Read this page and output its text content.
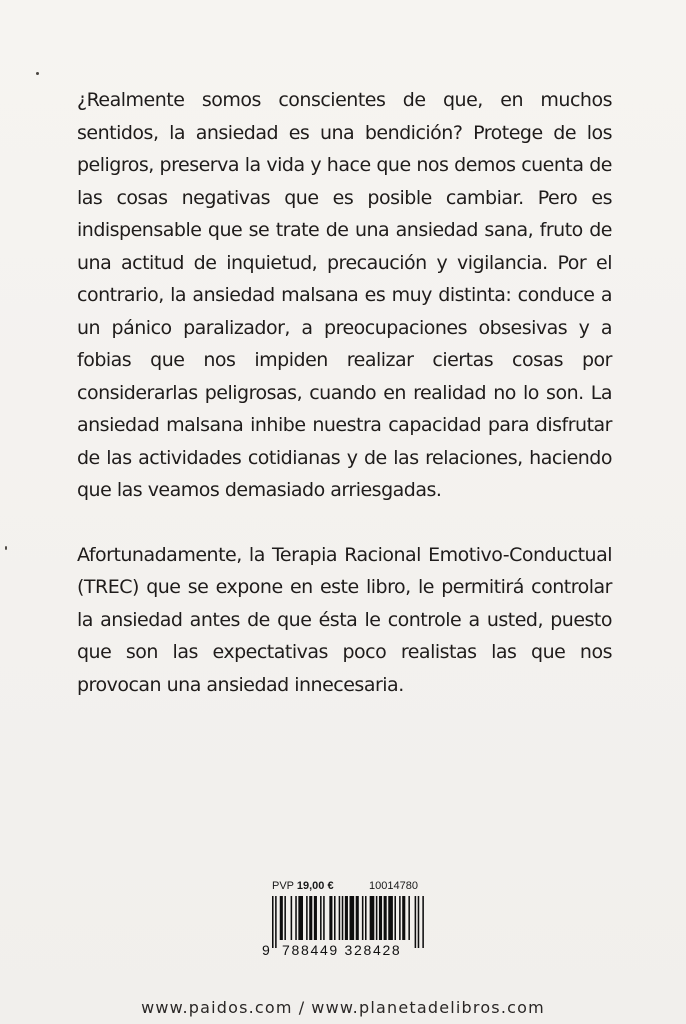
¿Realmente somos conscientes de que, en muchos sentidos, la ansiedad es una bendición? Protege de los peligros, preserva la vida y hace que nos demos cuenta de las cosas negativas que es posible cambiar. Pero es indispensable que se trate de una ansiedad sana, fruto de una actitud de inquietud, precaución y vigilancia. Por el contrario, la ansiedad malsana es muy distinta: conduce a un pánico paralizador, a preocupaciones obsesivas y a fobias que nos impiden realizar ciertas cosas por considerarlas peligrosas, cuando en realidad no lo son. La ansiedad malsana inhibe nuestra capacidad para disfrutar de las actividades cotidianas y de las relaciones, haciendo que las veamos demasiado arriesgadas.

Afortunadamente, la Terapia Racional Emotivo-Conductual (TREC) que se expone en este libro, le permitirá controlar la ansiedad antes de que ésta le controle a usted, puesto que son las expectativas poco realistas las que nos provocan una ansiedad innecesaria.

PVP 19,00 €	10014780
9 788449 328428
www.paidos.com / www.planetadelibros.com
